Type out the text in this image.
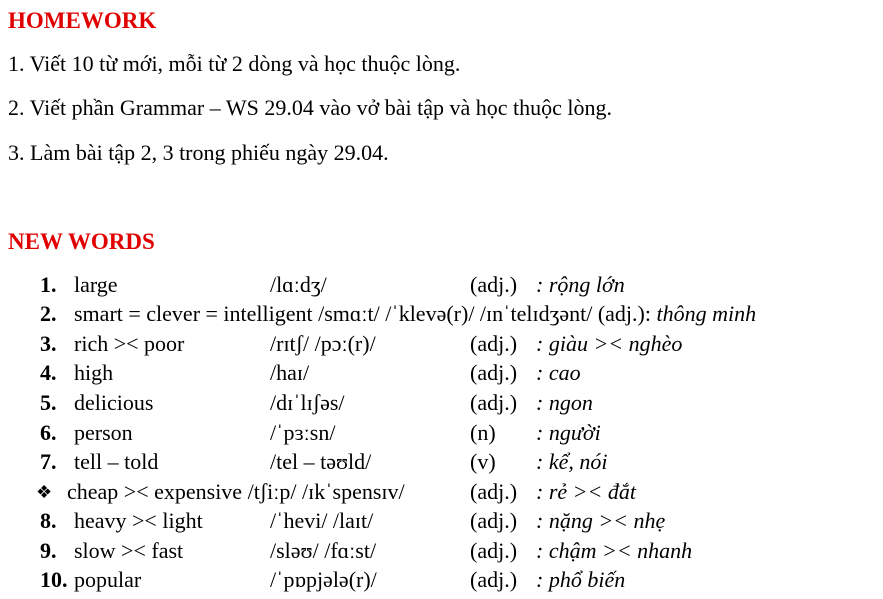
HOMEWORK
1. Viết 10 từ mới, mỗi từ 2 dòng và học thuộc lòng.
2. Viết phần Grammar – WS 29.04 vào vở bài tập và học thuộc lòng.
3. Làm bài tập 2, 3 trong phiếu ngày 29.04.
NEW WORDS
1. large	/lɑːdʒ/	(adj.) : rộng lớn
2. smart = clever = intelligent /smɑːt/ /ˈklevə(r)/ /ɪnˈtelɪdʒənt/ (adj.): thông minh
3. rich >< poor	/rɪtʃ/ /pɔː(r)/	(adj.) : giàu >< nghèo
4. high	/haɪ/	(adj.) : cao
5. delicious	/dɪˈlɪʃəs/	(adj.) : ngon
6. person	/ˈpɜːsn/	(n) : người
7. tell – told	/tel – təʊld/	(v) : kể, nói
❖ cheap >< expensive /tʃiːp/ /ɪkˈspensɪv/	(adj.) : rẻ >< đắt
8. heavy >< light	/ˈhevi/ /laɪt/	(adj.) : nặng >< nhẹ
9. slow >< fast	/sləʊ/ /fɑːst/	(adj.) : chậm >< nhanh
10. popular	/ˈpɒpjələ(r)/	(adj.) : phổ biến
